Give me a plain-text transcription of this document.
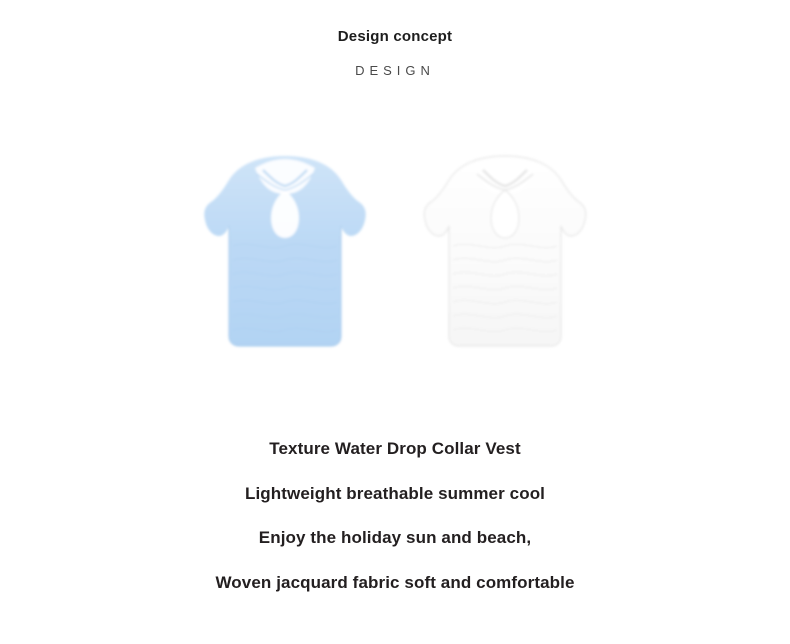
Design concept
DESIGN

Texture Water Drop Collar Vest

Lightweight breathable summer cool

Enjoy the holiday sun and beach,

Woven jacquard fabric soft and comfortable
